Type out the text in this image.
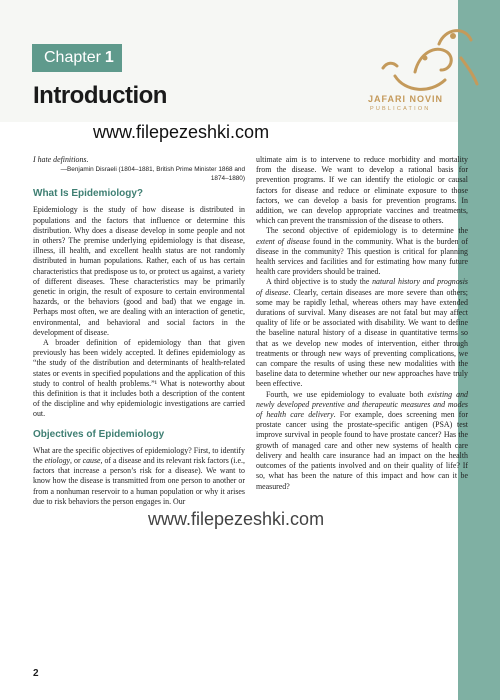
Chapter 1
Introduction	JAFARI NOVIN
PUBLICATION
www.filepezeshki.com

I hate definitions.

—Benjamin Disraeli (1804–1881, British Prime Minister 1868 and
1874–1880)

What Is Epidemiology?

Epidemiology is the study of how disease is distributed in populations and the factors that influence or determine this distribution. Why does a disease develop in some people and not in others? The premise underlying epidemiology is that disease, illness, ill health, and excellent health status are not randomly distributed in human populations. Rather, each of us has certain characteristics that predispose us to, or protect us against, a variety of different diseases. These characteristics may be primarily genetic in origin, the result of exposure to certain environmental hazards, or the behaviors (good and bad) that we engage in. Perhaps most often, we are dealing with an interaction of genetic, environmental, and behavioral and social factors in the development of disease.

A broader definition of epidemiology than that given previously has been widely accepted. It defines epidemiology as “the study of the distribution and determinants of health-related states or events in specified populations and the application of this study to control of health problems.”¹ What is noteworthy about this definition is that it includes both a description of the content of the discipline and why epidemiologic investigations are carried out.

Objectives of Epidemiology

What are the specific objectives of epidemiology? First, to identify the etiology, or cause, of a disease and its relevant risk factors (i.e., factors that increase a person’s risk for a disease). We want to know how the disease is transmitted from one person to another or from a nonhuman reservoir to a human population or why it arises due to risk behaviors the person engages in. Our

ultimate aim is to intervene to reduce morbidity and mortality from the disease. We want to develop a rational basis for prevention programs. If we can identify the etiologic or causal factors for disease and reduce or eliminate exposure to those factors, we can develop a basis for prevention programs. In addition, we can develop appropriate vaccines and treatments, which can prevent the transmission of the disease to others.

The second objective of epidemiology is to determine the extent of disease found in the community. What is the burden of disease in the community? This question is critical for planning health services and facilities and for estimating how many future health care providers should be trained.

A third objective is to study the natural history and prognosis of disease. Clearly, certain diseases are more severe than others; some may be rapidly lethal, whereas others may have extended durations of survival. Many diseases are not fatal but may affect quality of life or be associated with disability. We want to define the baseline natural history of a disease in quantitative terms so that as we develop new modes of intervention, either through treatments or through new ways of preventing complications, we can compare the results of using these new modalities with the baseline data to determine whether our new approaches have truly been effective.

Fourth, we use epidemiology to evaluate both existing and newly developed preventive and therapeutic measures and modes of health care delivery. For example, does screening men for prostate cancer using the prostate-specific antigen (PSA) test improve survival in people found to have prostate cancer? Has the growth of managed care and other new systems of health care delivery and health care insurance had an impact on the health outcomes of the patients involved and on their quality of life? If so, what has been the nature of this impact and how can it be measured?

www.filepezeshki.com
2
